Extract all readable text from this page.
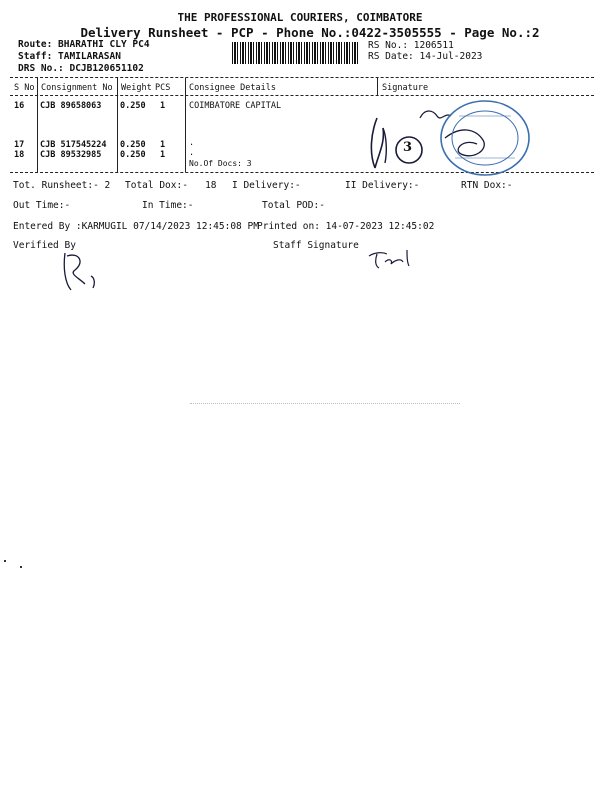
THE PROFESSIONAL COURIERS, COIMBATORE
Delivery Runsheet - PCP - Phone No.:0422-3505555 - Page No.:2
Route: BHARATHI CLY PC4
Staff: TAMILARASAN
DRS No.: DCJB120651102
RS No.: 1206511
RS Date: 14-Jul-2023
S No Consignment No Weight PCS Consignee Details	Signature
16 CJB 89658063 0.250 1	COIMBATORE CAPITAL
17 CJB 517545224 0.250 1	.
18 CJB 89532985 0.250 1	.
No.Of Docs: 3
3
Tot. Runsheet:- 2 Total Dox:-   18 I Delivery:-	II Delivery:-	RTN Dox:-
Out Time:-	In Time:-	Total POD:-
Entered By :KARMUGIL 07/14/2023 12:45:08 PM
Printed on: 14-07-2023 12:45:02
Verified By	Staff Signature
